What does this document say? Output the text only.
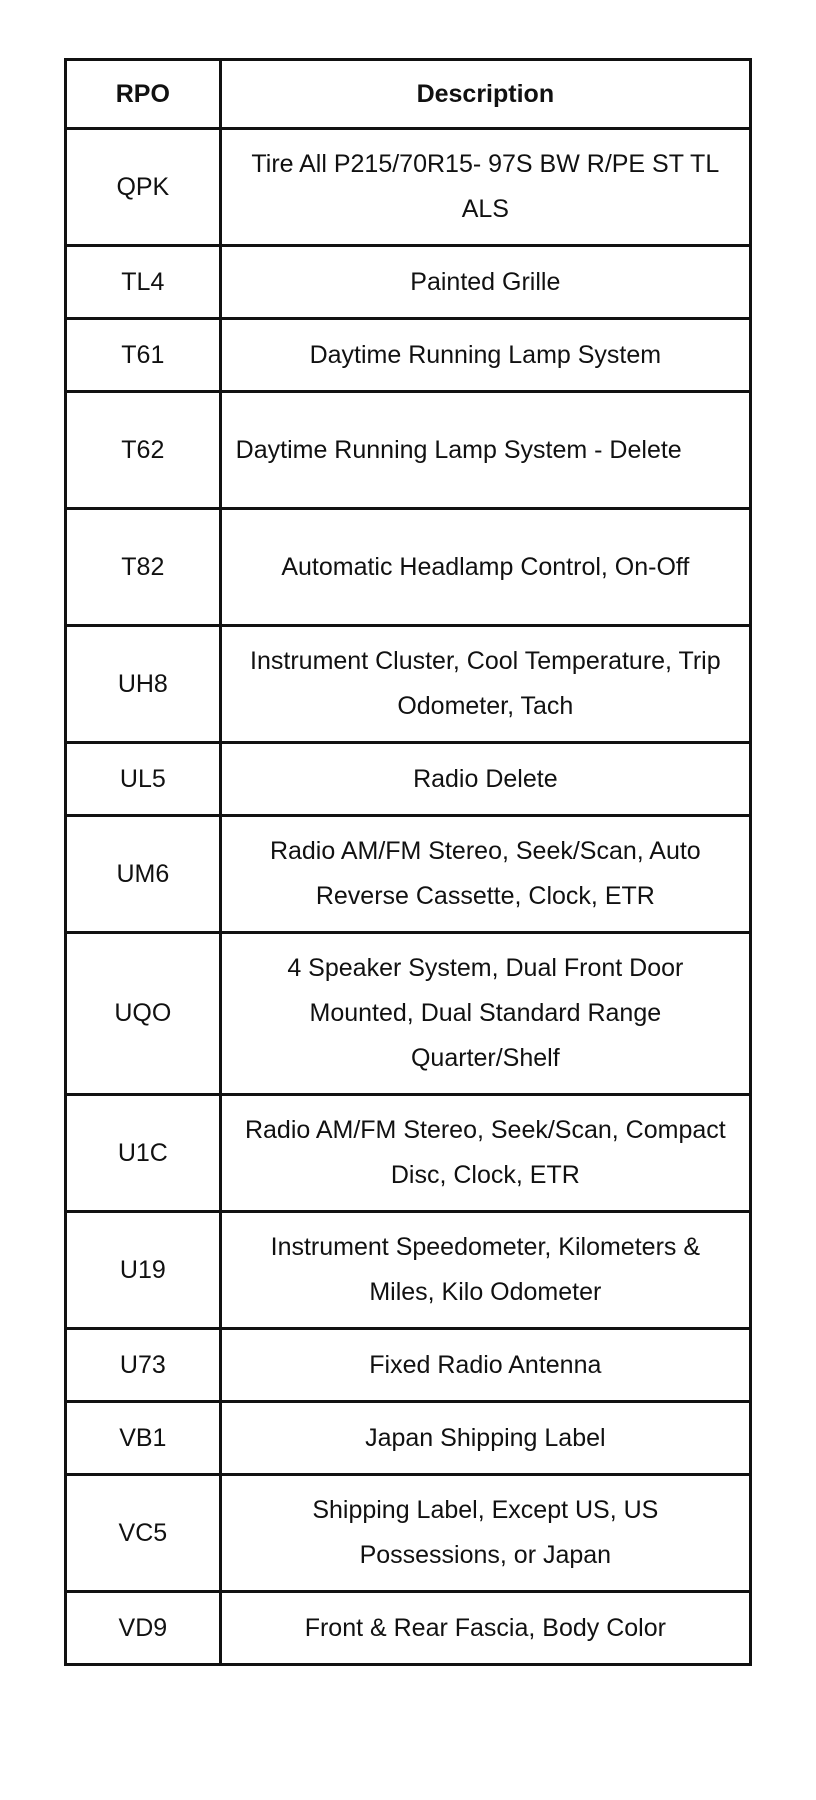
RPO	Description
QPK	Tire All P215/70R15- 97S BW R/PE ST TL ALS
TL4	Painted Grille
T61	Daytime Running Lamp System
T62	Daytime Running Lamp System - Delete
T82	Automatic Headlamp Control, On-Off
UH8	Instrument Cluster, Cool Temperature, Trip Odometer, Tach
UL5	Radio Delete
UM6	Radio AM/FM Stereo, Seek/Scan, Auto Reverse Cassette, Clock, ETR
UQO	4 Speaker System, Dual Front Door Mounted, Dual Standard Range Quarter/Shelf
U1C	Radio AM/FM Stereo, Seek/Scan, Compact Disc, Clock, ETR
U19	Instrument Speedometer, Kilometers & Miles, Kilo Odometer
U73	Fixed Radio Antenna
VB1	Japan Shipping Label
VC5	Shipping Label, Except US, US Possessions, or Japan
VD9	Front & Rear Fascia, Body Color
